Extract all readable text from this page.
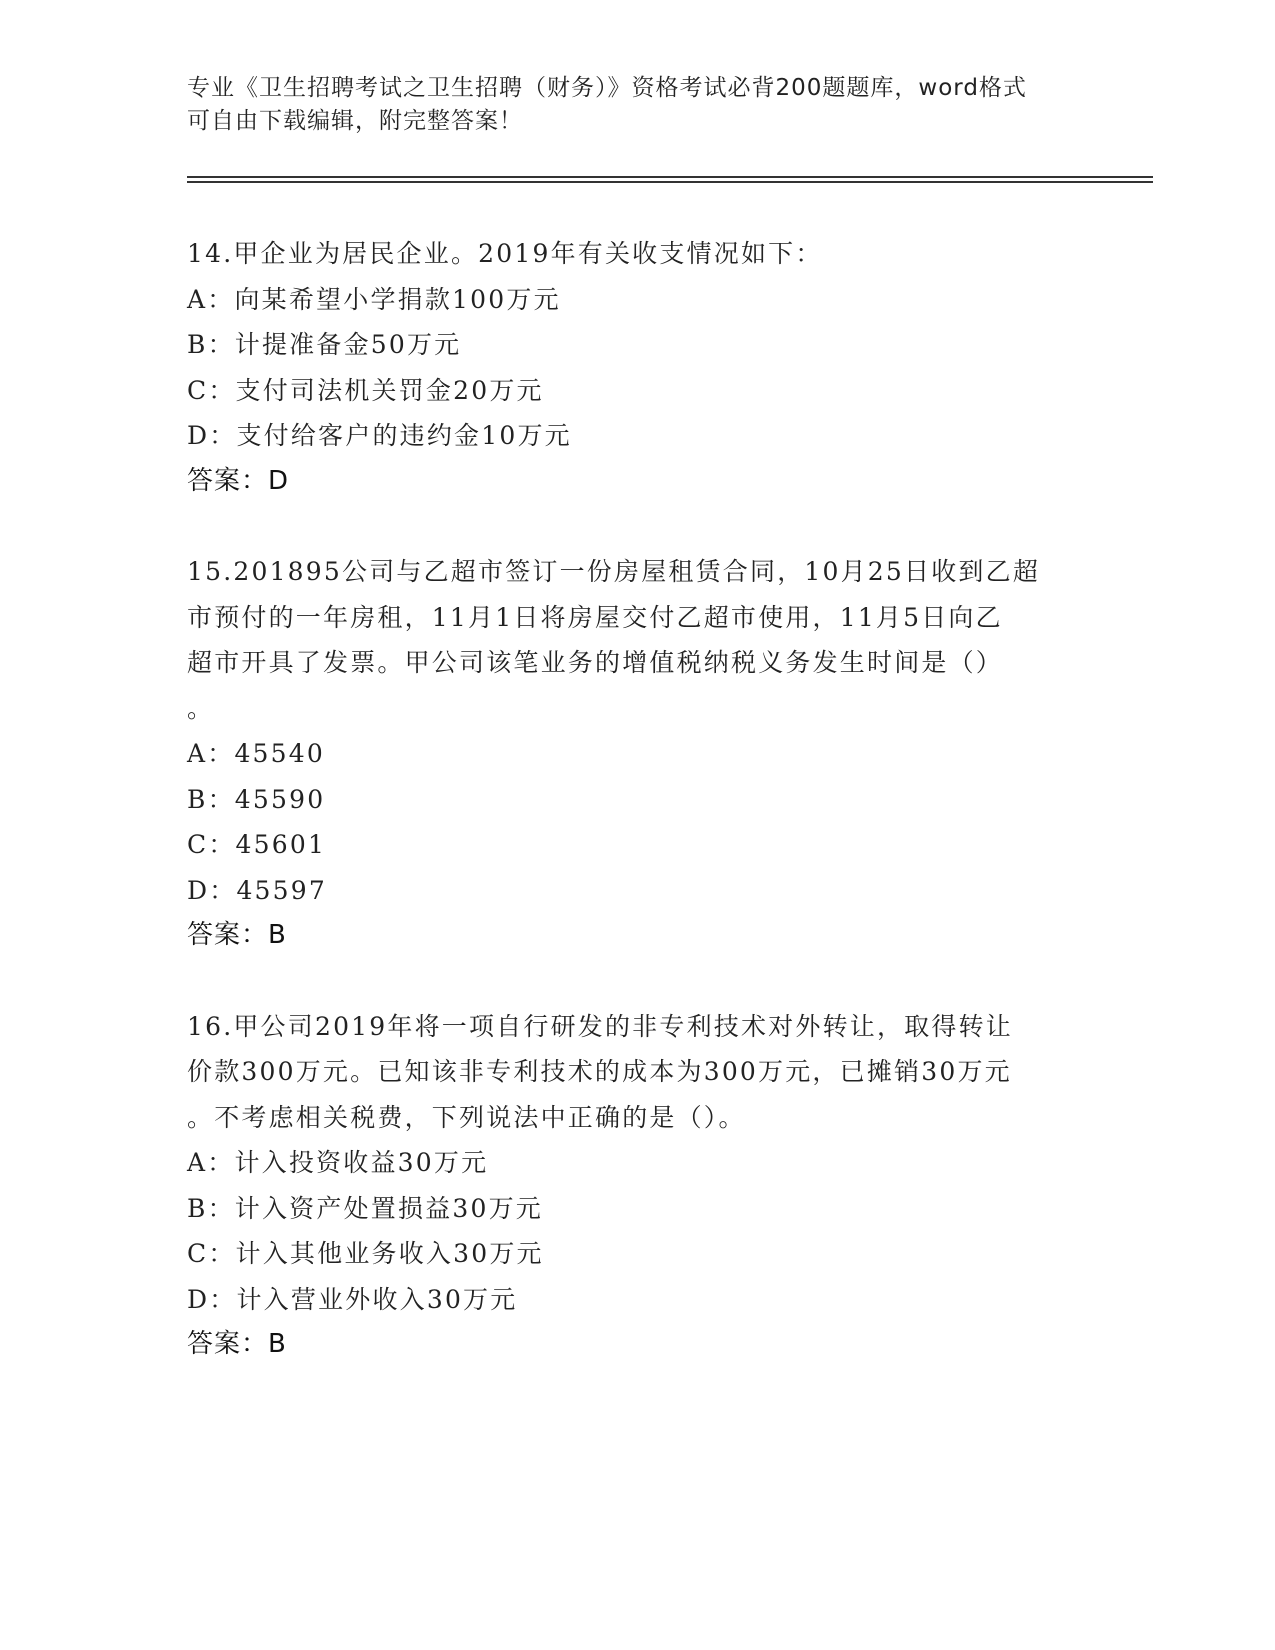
专业《卫生招聘考试之卫生招聘（财务）》资格考试必背200题题库，word格式
可自由下载编辑，附完整答案！

14.甲企业为居民企业。2019年有关收支情况如下：

A：向某希望小学捐款100万元

B：计提准备金50万元

C：支付司法机关罚金20万元

D：支付给客户的违约金10万元

答案：D

15.201895公司与乙超市签订一份房屋租赁合同，10月25日收到乙超

市预付的一年房租，11月1日将房屋交付乙超市使用，11月5日向乙

超市开具了发票。甲公司该笔业务的增值税纳税义务发生时间是（）

。

A：45540

B：45590

C：45601

D：45597

答案：B

16.甲公司2019年将一项自行研发的非专利技术对外转让，取得转让

价款300万元。已知该非专利技术的成本为300万元，已摊销30万元

。不考虑相关税费，下列说法中正确的是（）。

A：计入投资收益30万元

B：计入资产处置损益30万元

C：计入其他业务收入30万元

D：计入营业外收入30万元

答案：B
